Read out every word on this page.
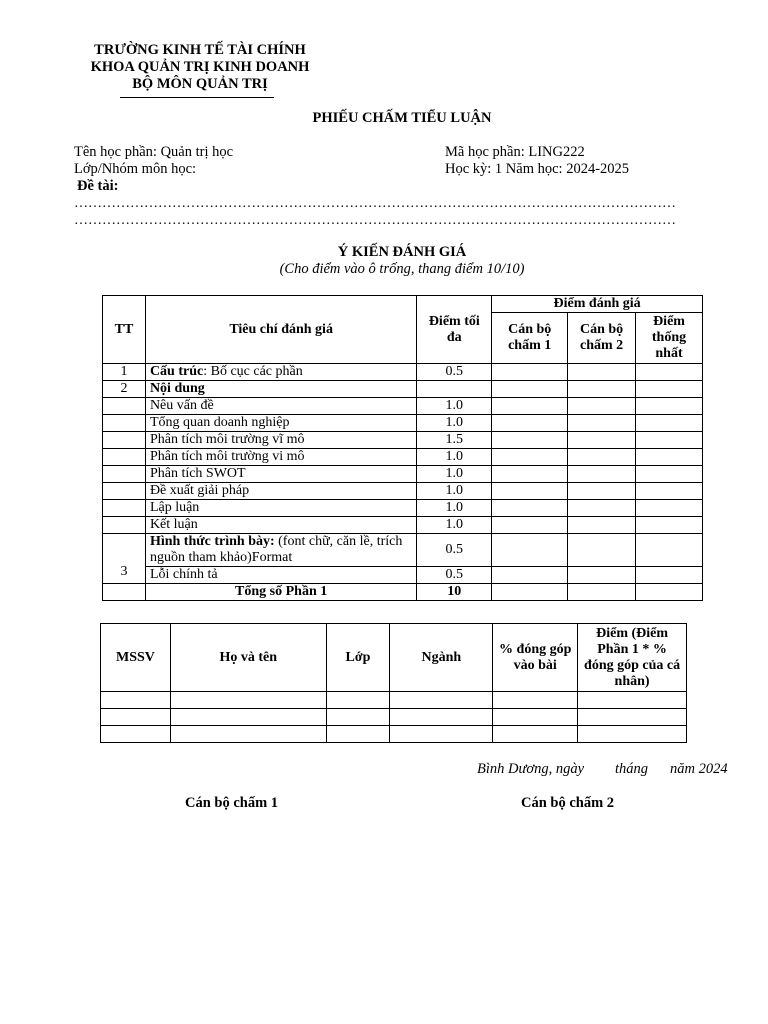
TRƯỜNG KINH TẾ TÀI CHÍNH
KHOA QUẢN TRỊ KINH DOANH
BỘ MÔN QUẢN TRỊ
PHIẾU CHẤM TIỂU LUẬN
Tên học phần: Quản trị học
Lớp/Nhóm môn học:
Đề tài:
Mã học phần: LING222
Học kỳ: 1 Năm học: 2024-2025
…………………………………………………………………………………………………………………
…………………………………………………………………………………………………………………
Ý KIẾN ĐÁNH GIÁ
(Cho điểm vào ô trống, thang điểm 10/10)
TT	Tiêu chí đánh giá	Điểm tối đa	Điểm đánh giá		
			Cán bộ chấm 1	Cán bộ chấm 2	Điểm thống nhất
1	Cấu trúc: Bố cục các phần	0.5			
2	Nội dung				
	Nêu vấn đề	1.0			
	Tổng quan doanh nghiệp	1.0			
	Phân tích môi trường vĩ mô	1.5			
	Phân tích môi trường vi mô	1.0			
	Phân tích SWOT	1.0			
	Đề xuất giải pháp	1.0			
	Lập luận	1.0			
	Kết luận	1.0			
3	Hình thức trình bày: (font chữ, căn lề, trích nguồn tham khảo)Format	0.5			
	Lỗi chính tả	0.5			
	Tổng số Phần 1	10			
MSSV	Họ và tên	Lớp	Ngành	% đóng góp vào bài	Điểm (Điểm Phần 1 * % đóng góp của cá nhân)

Bình Dương, ngày tháng năm 2024
Cán bộ chấm 1	Cán bộ chấm 2
